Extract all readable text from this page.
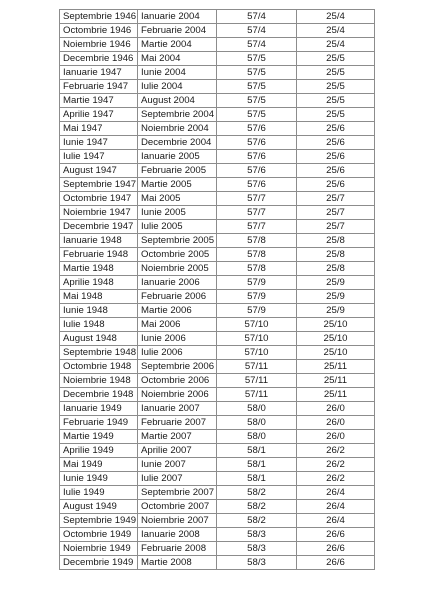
Septembrie 1946	Ianuarie 2004	57/4	25/4
Octombrie 1946	Februarie 2004	57/4	25/4
Noiembrie 1946	Martie 2004	57/4	25/4
Decembrie 1946	Mai 2004	57/5	25/5
Ianuarie 1947	Iunie 2004	57/5	25/5
Februarie 1947	Iulie 2004	57/5	25/5
Martie 1947	August 2004	57/5	25/5
Aprilie 1947	Septembrie 2004	57/5	25/5
Mai 1947	Noiembrie 2004	57/6	25/6
Iunie 1947	Decembrie 2004	57/6	25/6
Iulie 1947	Ianuarie 2005	57/6	25/6
August 1947	Februarie 2005	57/6	25/6
Septembrie 1947	Martie 2005	57/6	25/6
Octombrie 1947	Mai 2005	57/7	25/7
Noiembrie 1947	Iunie 2005	57/7	25/7
Decembrie 1947	Iulie 2005	57/7	25/7
Ianuarie 1948	Septembrie 2005	57/8	25/8
Februarie 1948	Octombrie 2005	57/8	25/8
Martie 1948	Noiembrie 2005	57/8	25/8
Aprilie 1948	Ianuarie 2006	57/9	25/9
Mai 1948	Februarie 2006	57/9	25/9
Iunie 1948	Martie 2006	57/9	25/9
Iulie 1948	Mai 2006	57/10	25/10
August 1948	Iunie 2006	57/10	25/10
Septembrie 1948	Iulie 2006	57/10	25/10
Octombrie 1948	Septembrie 2006	57/11	25/11
Noiembrie 1948	Octombrie 2006	57/11	25/11
Decembrie 1948	Noiembrie 2006	57/11	25/11
Ianuarie 1949	Ianuarie 2007	58/0	26/0
Februarie 1949	Februarie 2007	58/0	26/0
Martie 1949	Martie 2007	58/0	26/0
Aprilie 1949	Aprilie 2007	58/1	26/2
Mai 1949	Iunie 2007	58/1	26/2
Iunie 1949	Iulie 2007	58/1	26/2
Iulie 1949	Septembrie 2007	58/2	26/4
August 1949	Octombrie 2007	58/2	26/4
Septembrie 1949	Noiembrie 2007	58/2	26/4
Octombrie 1949	Ianuarie 2008	58/3	26/6
Noiembrie 1949	Februarie 2008	58/3	26/6
Decembrie 1949	Martie 2008	58/3	26/6
